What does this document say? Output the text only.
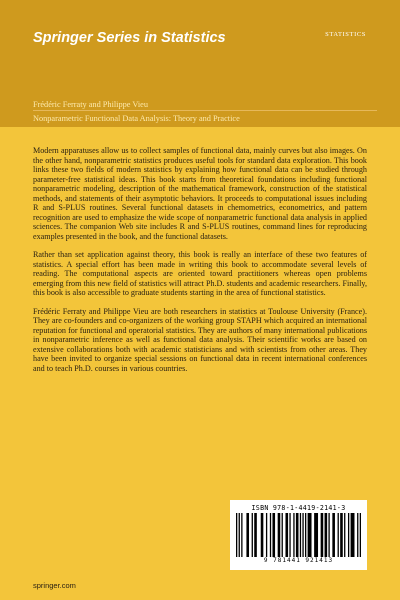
Springer Series in Statistics	STATISTICS
Frédéric Ferraty and Philippe Vieu
Nonparametric Functional Data Analysis: Theory and Practice

Modern apparatuses allow us to collect samples of functional data, mainly curves but also images. On the other hand, nonparametric statistics produces useful tools for standard data exploration. This book links these two fields of modern statistics by explaining how functional data can be studied through parameter-free statistical ideas. This book starts from theoretical foundations including functional nonparametric modeling, description of the mathematical framework, construction of the statistical methods, and statements of their asymptotic behaviors. It proceeds to computational issues including R and S-PLUS routines. Several functional datasets in chemometrics, econometrics, and pattern recognition are used to emphasize the wide scope of nonparametric functional data analysis in applied sciences. The companion Web site includes R and S-PLUS routines, command lines for reproducing examples presented in the book, and the functional datasets.

Rather than set application against theory, this book is really an interface of these two features of statistics. A special effort has been made in writing this book to accommodate several levels of reading. The computational aspects are oriented toward practitioners whereas open problems emerging from this new field of statistics will attract Ph.D. students and academic researchers. Finally, this book is also accessible to graduate students starting in the area of functional statistics.

Frédéric Ferraty and Philippe Vieu are both researchers in statistics at Toulouse University (France). They are co-founders and co-organizers of the working group STAPH which acquired an international reputation for functional and operatorial statistics. They are authors of many international publications in nonparametric inference as well as functional data analysis. Their scientific works are based on extensive collaborations both with academic statisticians and with scientists from other areas. They have been invited to organize special sessions on functional data in recent international conferences and to teach Ph.D. courses in various countries.

ISBN 978-1-4419-2141-3
9 781441 921413
springer.com
